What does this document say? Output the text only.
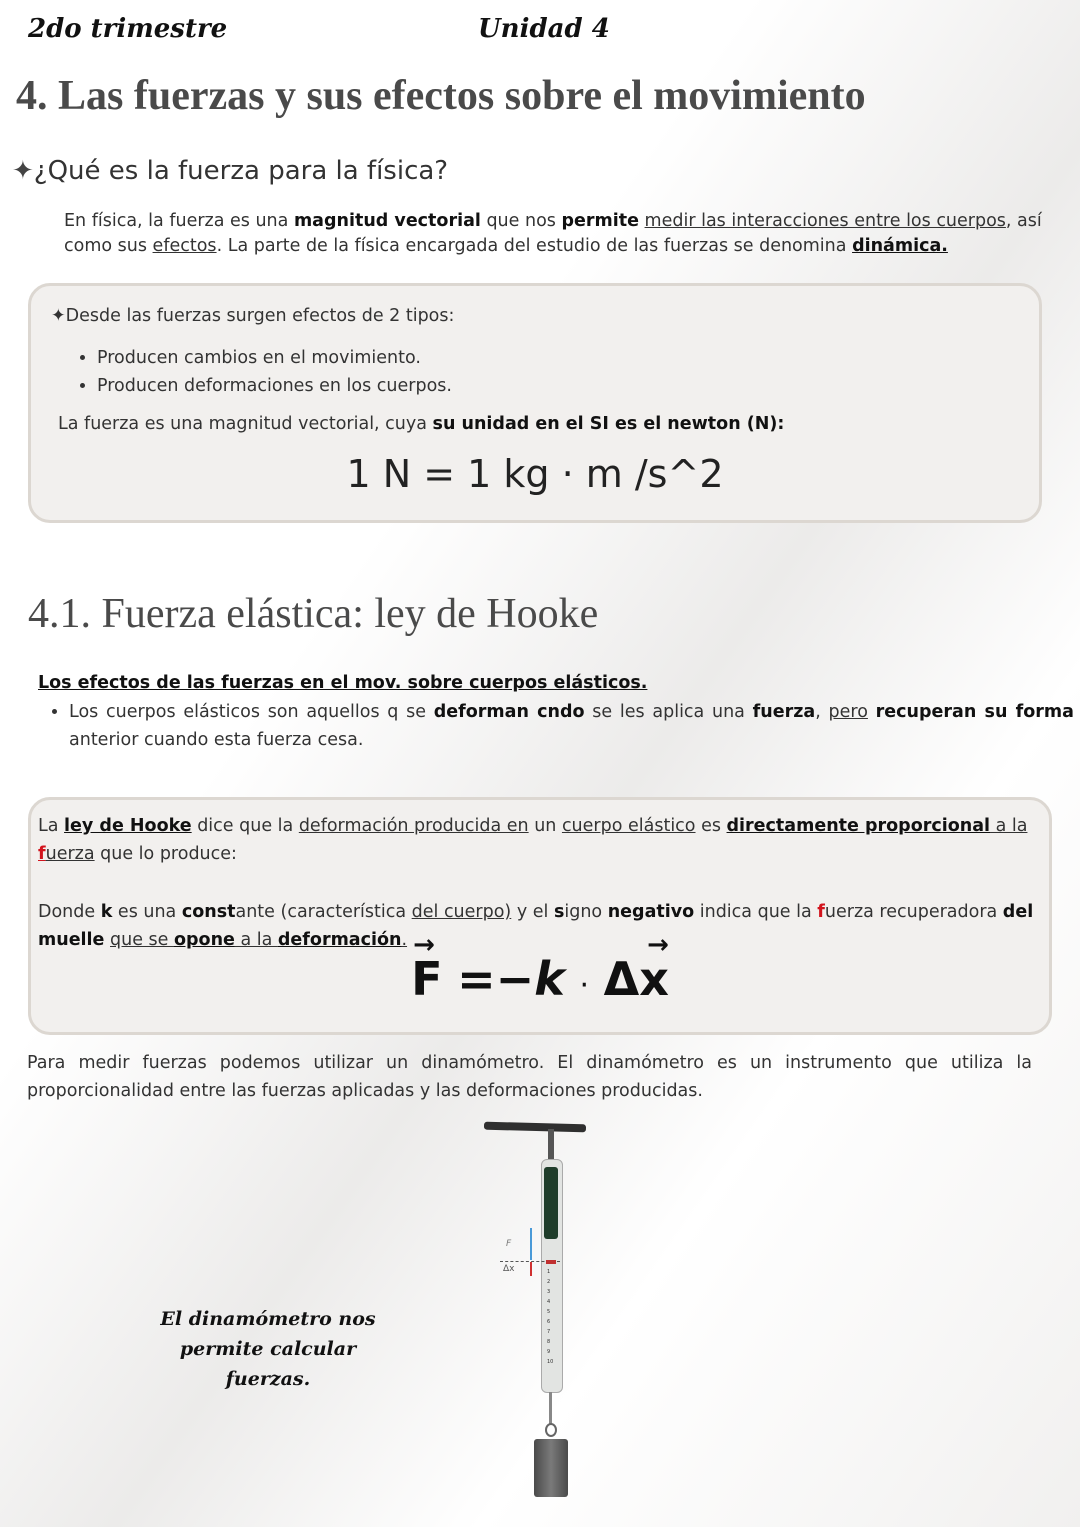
2do trimestre	Unidad 4
4. Las fuerzas y sus efectos sobre el movimiento
✦¿Qué es la fuerza para la física?
En física, la fuerza es una magnitud vectorial que nos permite medir las interacciones entre los cuerpos, así como sus efectos. La parte de la física encargada del estudio de las fuerzas se denomina dinámica.
✦Desde las fuerzas surgen efectos de 2 tipos:
• Producen cambios en el movimiento.
• Producen deformaciones en los cuerpos.
La fuerza es una magnitud vectorial, cuya su unidad en el SI es el newton (N):
1 N = 1 kg · m /s^2
4.1. Fuerza elástica: ley de Hooke
Los efectos de las fuerzas en el mov. sobre cuerpos elásticos.
• Los cuerpos elásticos son aquellos q se deforman cndo se les aplica una fuerza, pero recuperan su forma anterior cuando esta fuerza cesa.
La ley de Hooke dice que la deformación producida en un cuerpo elástico es directamente proporcional a la fuerza que lo produce:
Donde k es una constante (característica del cuerpo) y el signo negativo indica que la fuerza recuperadora del muelle que se opone a la deformación. →
F =−k ·
→
Δx
Para medir fuerzas podemos utilizar un dinamómetro. El dinamómetro es un instrumento que utiliza la proporcionalidad entre las fuerzas aplicadas y las deformaciones producidas.
F
Δx	1
2
3
4
5
6
7
8
9
10
El dinamómetro nos permite calcular fuerzas.
